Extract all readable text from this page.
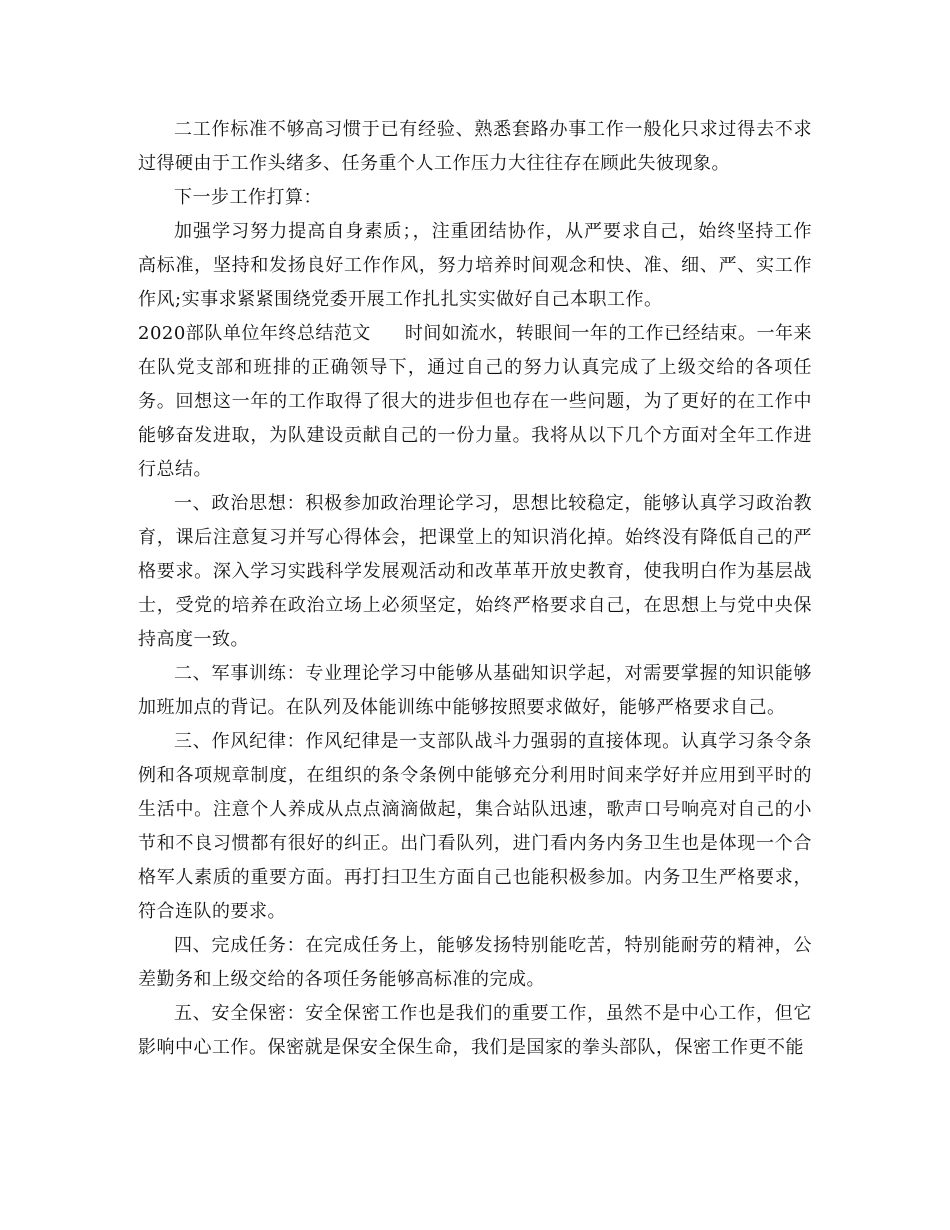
二工作标准不够高习惯于已有经验、熟悉套路办事工作一般化只求过得去不求过得硬由于工作头绪多、任务重个人工作压力大往往存在顾此失彼现象。

下一步工作打算：

加强学习努力提高自身素质；，注重团结协作，从严要求自己，始终坚持工作高标准，坚持和发扬良好工作作风，努力培养时间观念和快、准、细、严、实工作作风;实事求紧紧围绕党委开展工作扎扎实实做好自己本职工作。

2020部队单位年终总结范文 时间如流水，转眼间一年的工作已经结束。一年来在队党支部和班排的正确领导下，通过自己的努力认真完成了上级交给的各项任务。回想这一年的工作取得了很大的进步但也存在一些问题，为了更好的在工作中能够奋发进取，为队建设贡献自己的一份力量。我将从以下几个方面对全年工作进行总结。

一、政治思想：积极参加政治理论学习，思想比较稳定，能够认真学习政治教育，课后注意复习并写心得体会，把课堂上的知识消化掉。始终没有降低自己的严格要求。深入学习实践科学发展观活动和改革革开放史教育，使我明白作为基层战士，受党的培养在政治立场上必须坚定，始终严格要求自己，在思想上与党中央保持高度一致。

二、军事训练：专业理论学习中能够从基础知识学起，对需要掌握的知识能够加班加点的背记。在队列及体能训练中能够按照要求做好，能够严格要求自己。

三、作风纪律：作风纪律是一支部队战斗力强弱的直接体现。认真学习条令条例和各项规章制度，在组织的条令条例中能够充分利用时间来学好并应用到平时的生活中。注意个人养成从点点滴滴做起，集合站队迅速，歌声口号响亮对自己的小节和不良习惯都有很好的纠正。出门看队列，进门看内务内务卫生也是体现一个合格军人素质的重要方面。再打扫卫生方面自己也能积极参加。内务卫生严格要求，符合连队的要求。

四、完成任务：在完成任务上，能够发扬特别能吃苦，特别能耐劳的精神，公差勤务和上级交给的各项任务能够高标准的完成。

五、安全保密：安全保密工作也是我们的重要工作，虽然不是中心工作，但它影响中心工作。保密就是保安全保生命，我们是国家的拳头部队，保密工作更不能
